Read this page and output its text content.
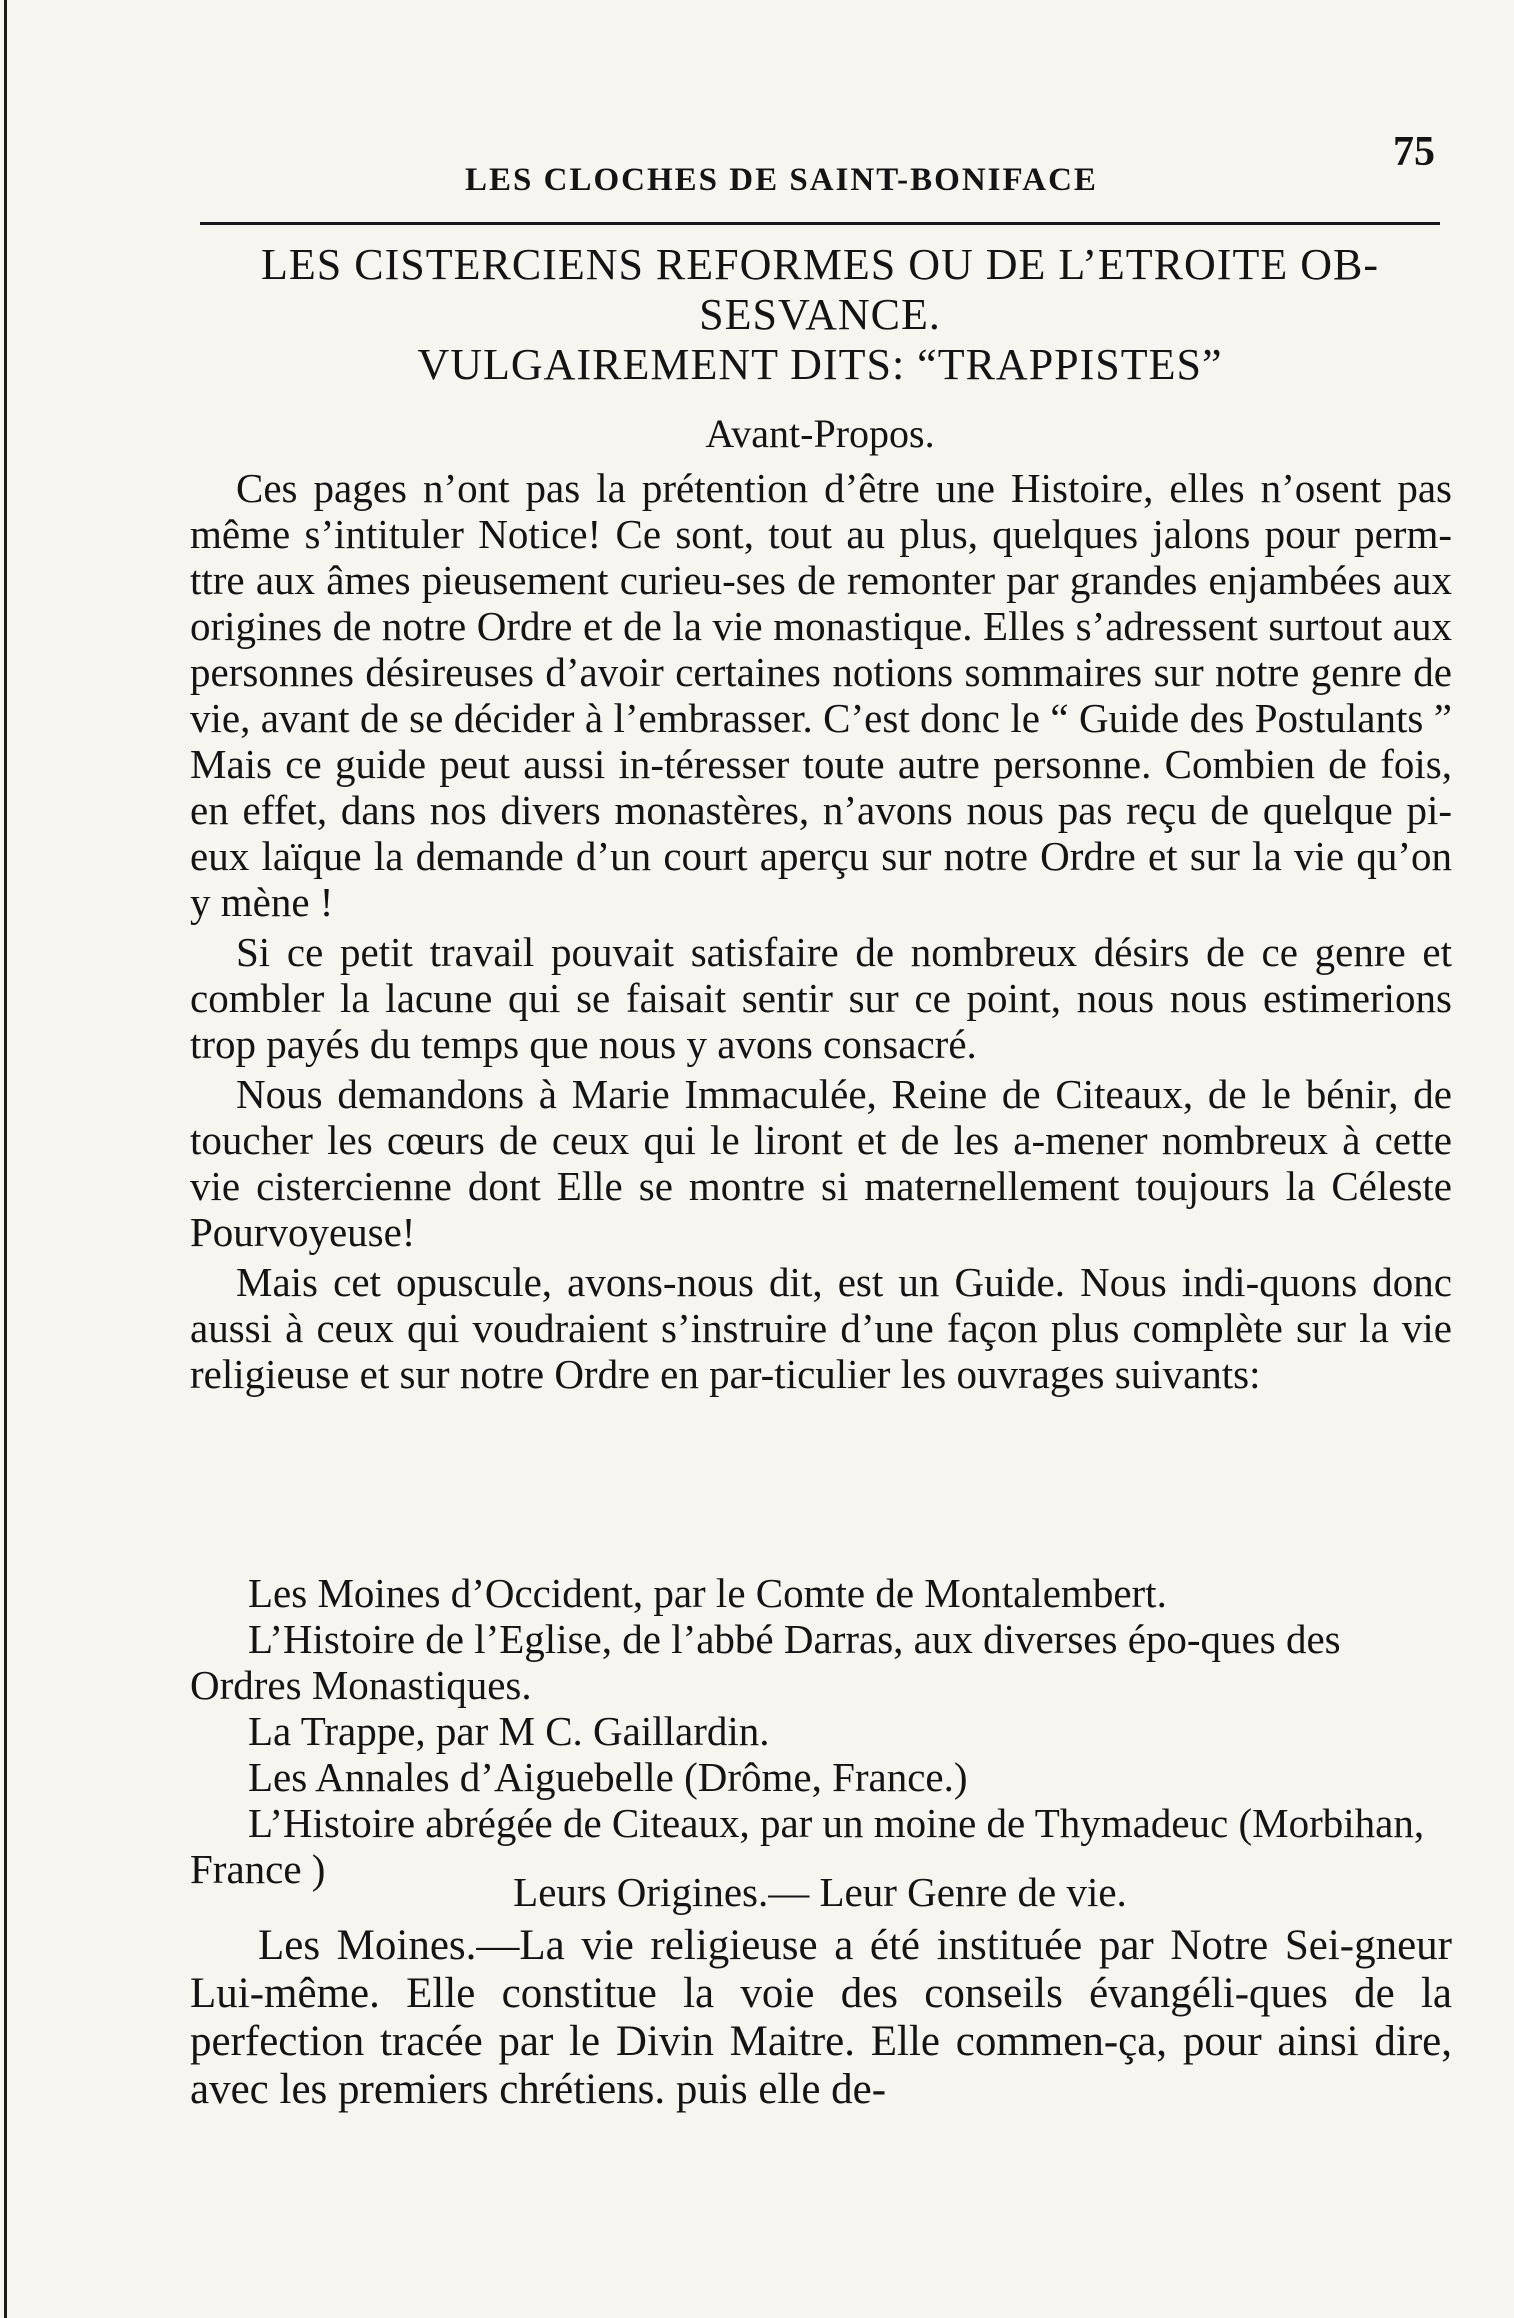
LES CLOCHES DE SAINT-BONIFACE
75
LES CISTERCIENS REFORMES OU DE L’ETROITE OB-
SESVANCE.
VULGAIREMENT DITS: “TRAPPISTES”
Avant-Propos.

Ces pages n’ont pas la prétention d’être une Histoire, elles n’osent pas même s’intituler Notice! Ce sont, tout au plus, quelques jalons pour perm-ttre aux âmes pieusement curieu-ses de remonter par grandes enjambées aux origines de notre Ordre et de la vie monastique. Elles s’adressent surtout aux personnes désireuses d’avoir certaines notions sommaires sur notre genre de vie, avant de se décider à l’embrasser. C’est donc le “ Guide des Postulants ” Mais ce guide peut aussi in-téresser toute autre personne. Combien de fois, en effet, dans nos divers monastères, n’avons nous pas reçu de quelque pi-eux laïque la demande d’un court aperçu sur notre Ordre et sur la vie qu’on y mène !

Si ce petit travail pouvait satisfaire de nombreux désirs de ce genre et combler la lacune qui se faisait sentir sur ce point, nous nous estimerions trop payés du temps que nous y avons consacré.

Nous demandons à Marie Immaculée, Reine de Citeaux, de le bénir, de toucher les cœurs de ceux qui le liront et de les a-mener nombreux à cette vie cistercienne dont Elle se montre si maternellement toujours la Céleste Pourvoyeuse!

Mais cet opuscule, avons-nous dit, est un Guide. Nous indi-quons donc aussi à ceux qui voudraient s’instruire d’une façon plus complète sur la vie religieuse et sur notre Ordre en par-ticulier les ouvrages suivants:

Les Moines d’Occident, par le Comte de Montalembert.

L’Histoire de l’Eglise, de l’abbé Darras, aux diverses épo-ques des Ordres Monastiques.

La Trappe, par M C. Gaillardin.

Les Annales d’Aiguebelle (Drôme, France.)

L’Histoire abrégée de Citeaux, par un moine de Thymadeuc (Morbihan, France )	Leurs Origines.— Leur Genre de vie.

Les Moines.—La vie religieuse a été instituée par Notre Sei-gneur Lui-même. Elle constitue la voie des conseils évangéli-ques de la perfection tracée par le Divin Maitre. Elle commen-ça, pour ainsi dire, avec les premiers chrétiens. puis elle de-
